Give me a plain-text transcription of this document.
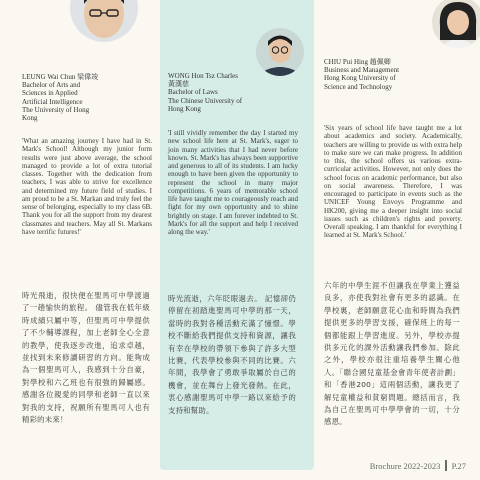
LEUNG Wai Chun 梁偉竣
Bachelor of Arts and
Sciences in Applied
Artificial Intelligence
The University of Hong
Kong
WONG Hon Tsz Charles
黃漢慈
Bachelor of Laws
The Chinese University of
Hong Kong
CHIU Pui Hing 趙佩卿
Business and Management
Hong Kong University of
Science and Technology
'What an amazing journey I have had in St. Mark's School! Although my junior form results were just above average, the school managed to provide a lot of extra tutorial classes. Together with the dedication from teachers, I was able to strive for excellence and determined my future field of studies. I am proud to be a St. Markan and truly feel the sense of belonging, especially to my class 6B. Thank you for all the support from my dearest classmates and teachers. May all St. Markans have terrific futures!'
'I still vividly remember the day I started my new school life here at St. Mark's, eager to join many activities that I had never before known. St. Mark's has always been supportive and generous to all of its students. I am lucky enough to have been given the opportunity to represent the school in many major competitions. 6 years of memorable school life have taught me to courageously reach and fight for my own opportunity and to shine brightly on stage. I am forever indebted to St. Mark's for all the support and help I received along the way.'
'Six years of school life have taught me a lot about academics and society. Academically, teachers are willing to provide us with extra help to make sure we can make progress. In addition to this, the school offers us various extra-curricular activities. However, not only does the school focus on academic performance, but also on social awareness. Therefore, I was encouraged to participate in events such as the UNICEF Young Envoys Programme and HK200, giving me a deeper insight into social issues such as children's rights and poverty. Overall speaking, I am thankful for everything I learned at St. Mark's School.'
時光飛逝，很快便在聖馬可中學渡過了一趟愉快的旅程。 儘管我在低年級時成績只屬中等，但聖馬可中學提供了不少輔導課程，加上老師全心全意的教學，使我逐步改進，追求卓越，並找到未來修讀研習的方向。能夠成為一個聖馬可人，我感到十分自豪，對學校和六乙班也有很強的歸屬感。感謝各位親愛的同學和老師一直以來對我的支持，祝願所有聖馬可人也有精彩的未來！
時光流逝，六年眨眼過去。 記憶卻仍停留在初踏進聖馬可中學的那一天，當時的我對各種活動充滿了憧憬。學校不斷給我們提供支持和資源，讓我有幸在學校的帶領下參與了許多大型比賽，代表學校參與不同的比賽。六年間，我學會了勇敢爭取屬於自己的機會，並在舞台上發光發熱。在此，衷心感謝聖馬可中學一路以來給予的支持和幫助。
六年的中學生涯不但讓我在學業上獲益良多，亦使我對社會有更多的認識。在學校裏，老師願意花心血和時間為我們提供更多的學習支援，確保班上的每一個都能跟上學習進度。另外，學校亦提供多元化的課外活動讓我們參加。除此之外，學校亦很注重培養學生關心他人。「聯合國兒童基金會青年使者計劃」和「香港200」這兩個活動，讓我更了解兒童權益和貧窮問題。總括而言，我為自己在聖馬可中學學會的一切，十分感恩。
Brochure 2022-2023 P.27
